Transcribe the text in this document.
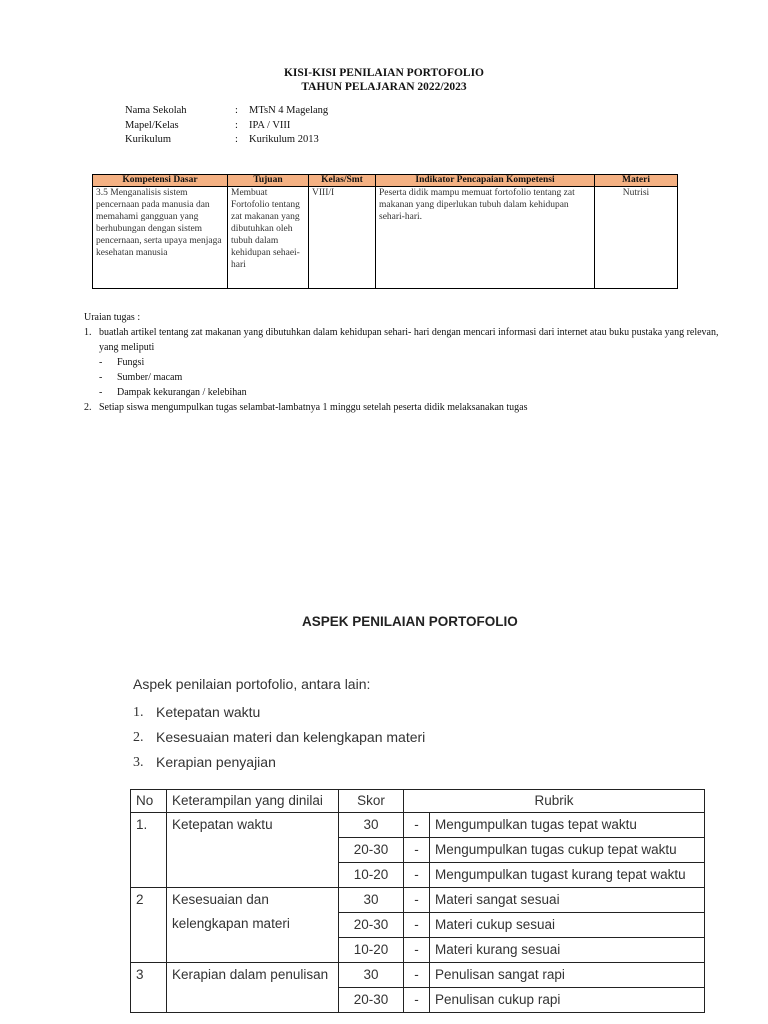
KISI-KISI PENILAIAN PORTOFOLIO
TAHUN PELAJARAN 2022/2023
Nama Sekolah	:	MTsN 4 Magelang
Mapel/Kelas	:	IPA / VIII
Kurikulum	:	Kurikulum 2013
Kompetensi Dasar	Tujuan	Kelas/Smt	Indikator Pencapaian Kompetensi	Materi
3.5 Menganalisis sistem pencernaan pada manusia dan memahami gangguan yang berhubungan dengan sistem pencernaan, serta upaya menjaga kesehatan manusia	Membuat Fortofolio tentang zat makanan yang dibutuhkan oleh tubuh dalam kehidupan sehaei-hari	VIII/I	Peserta didik mampu memuat fortofolio tentang zat makanan yang diperlukan tubuh dalam kehidupan sehari-hari.	Nutrisi
Uraian tugas :
1. buatlah artikel tentang zat makanan yang dibutuhkan dalam kehidupan sehari- hari dengan mencari informasi dari internet atau buku pustaka yang relevan, yang meliputi
-	Fungsi
-	Sumber/ macam
-	Dampak kekurangan / kelebihan
2. Setiap siswa mengumpulkan tugas selambat-lambatnya 1 minggu setelah peserta didik melaksanakan tugas
ASPEK PENILAIAN PORTOFOLIO
Aspek penilaian portofolio, antara lain:
1. Ketepatan waktu
2. Kesesuaian materi dan kelengkapan materi
3. Kerapian penyajian
No	Keterampilan yang dinilai	Skor	Rubrik	
1.	Ketepatan waktu	30	-	Mengumpulkan tugas tepat waktu
		20-30	-	Mengumpulkan tugas cukup tepat waktu
		10-20	-	Mengumpulkan tugast kurang tepat waktu
2	Kesesuaian dan kelengkapan materi	30	-	Materi sangat sesuai
		20-30	-	Materi cukup sesuai
		10-20	-	Materi kurang sesuai
3	Kerapian dalam penulisan	30	-	Penulisan sangat rapi
		20-30	-	Penulisan cukup rapi
